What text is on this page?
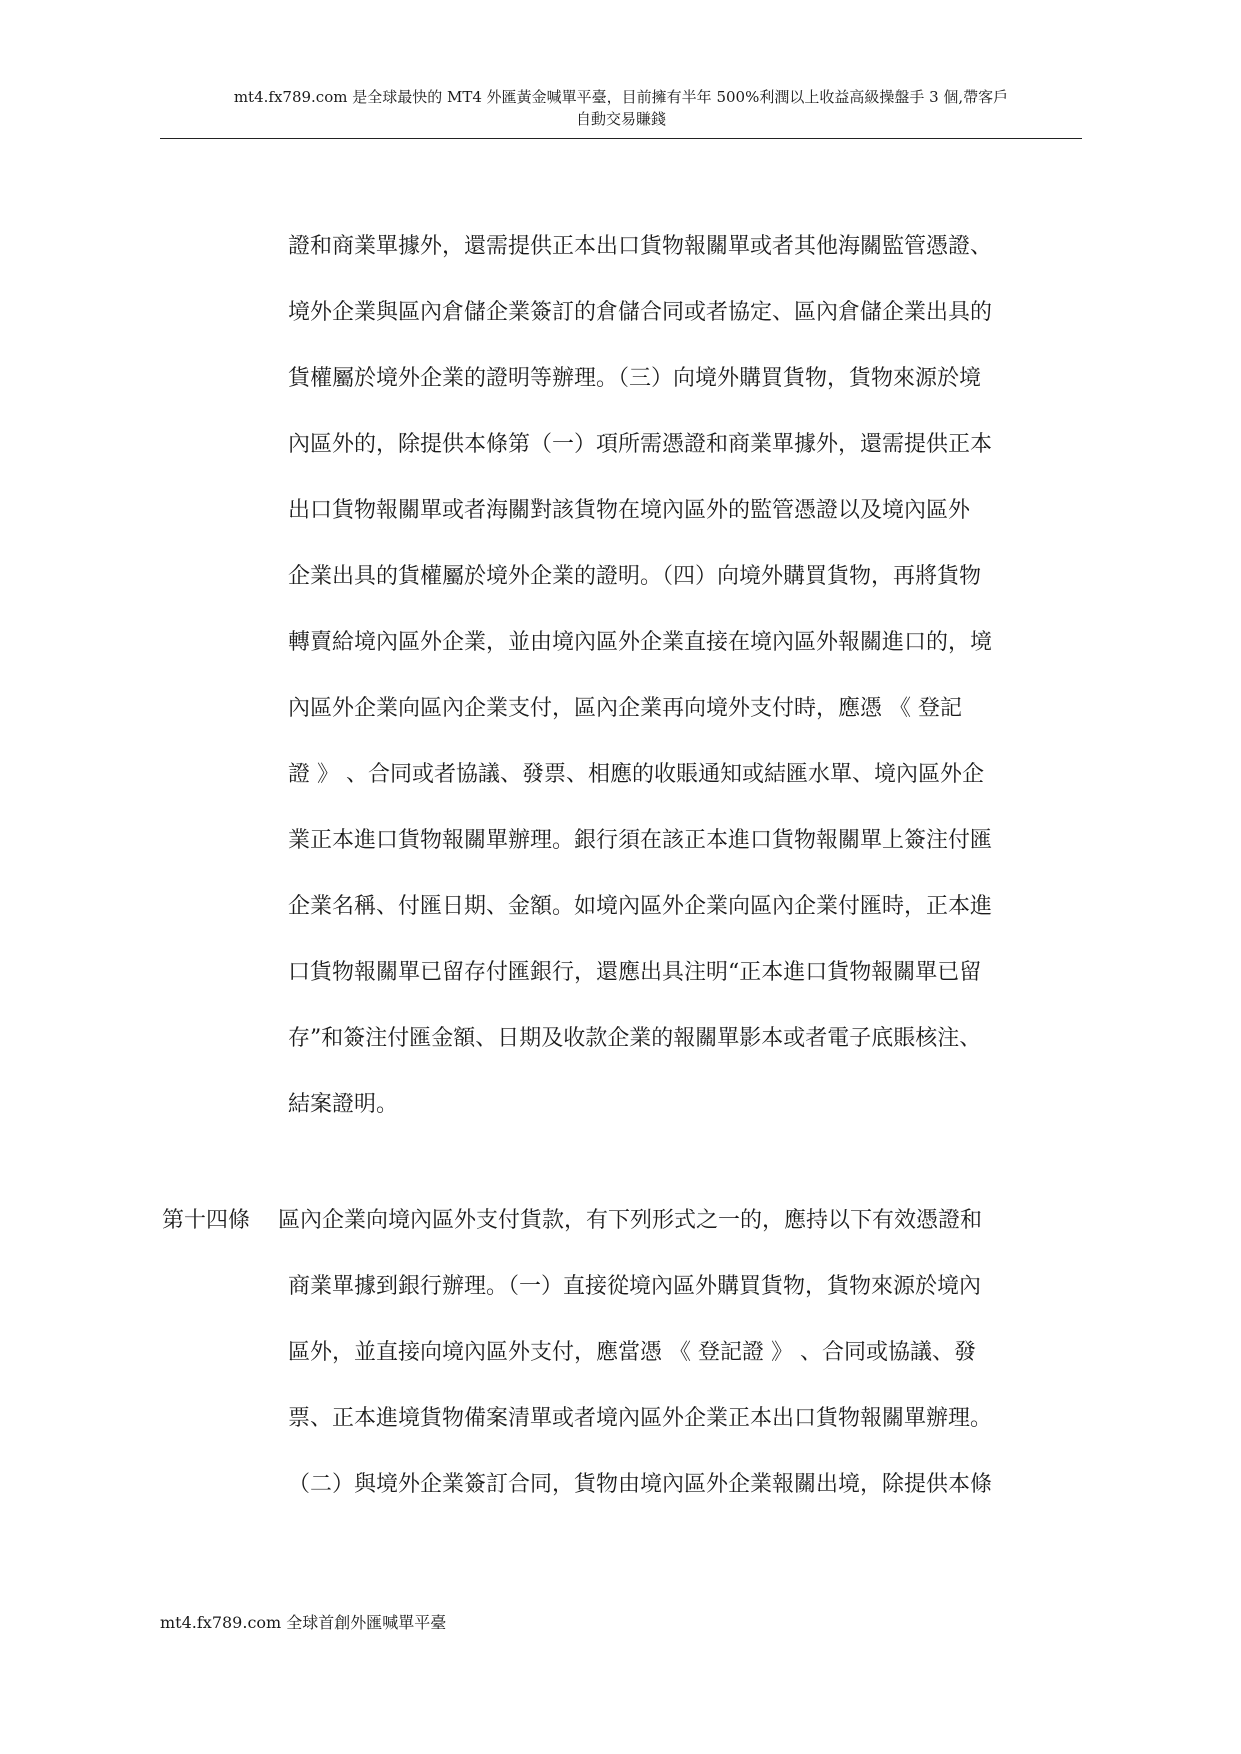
mt4.fx789.com 是全球最快的 MT4 外匯黃金喊單平臺，目前擁有半年 500%利潤以上收益高級操盤手 3 個,帶客戶
自動交易賺錢
證和商業單據外，還需提供正本出口貨物報關單或者其他海關監管憑證、
境外企業與區內倉儲企業簽訂的倉儲合同或者協定、區內倉儲企業出具的
貨權屬於境外企業的證明等辦理。（三）向境外購買貨物，貨物來源於境
內區外的，除提供本條第（一）項所需憑證和商業單據外，還需提供正本
出口貨物報關單或者海關對該貨物在境內區外的監管憑證以及境內區外
企業出具的貨權屬於境外企業的證明。（四）向境外購買貨物，再將貨物
轉賣給境內區外企業，並由境內區外企業直接在境內區外報關進口的，境
內區外企業向區內企業支付，區內企業再向境外支付時，應憑 《 登記
證 》 、合同或者協議、發票、相應的收賬通知或結匯水單、境內區外企
業正本進口貨物報關單辦理。銀行須在該正本進口貨物報關單上簽注付匯
企業名稱、付匯日期、金額。如境內區外企業向區內企業付匯時，正本進
口貨物報關單已留存付匯銀行，還應出具注明“正本進口貨物報關單已留
存”和簽注付匯金額、日期及收款企業的報關單影本或者電子底賬核注、
結案證明。
第十四條 區內企業向境內區外支付貨款，有下列形式之一的，應持以下有效憑證和
商業單據到銀行辦理。（一）直接從境內區外購買貨物，貨物來源於境內
區外，並直接向境內區外支付，應當憑 《 登記證 》 、合同或協議、發
票、正本進境貨物備案清單或者境內區外企業正本出口貨物報關單辦理。
（二）與境外企業簽訂合同，貨物由境內區外企業報關出境，除提供本條
mt4.fx789.com 全球首創外匯喊單平臺
